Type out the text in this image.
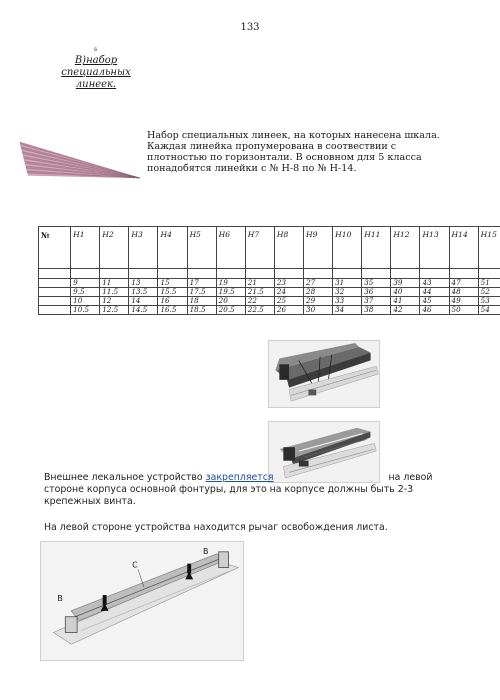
133
s
В)набор специальных линеек.

Набор специальных линеек, на которых нанесена шкала. Каждая линейка пропумерована в соотвествии с плотностью по горизонтали. В основном для 5 класса понадобятся линейки с № Н-8 по № Н-14.

№	Н1	Н2	Н3	Н4	Н5	Н6	Н7	Н8	Н9	Н10	Н11	Н12	Н13	Н14	Н15

	9	11	13	15	17	19	21	23	27	31	35	39	43	47	51
	9.5	11.5	13.5	15.5	17.5	19.5	21.5	24	28	32	36	40	44	48	52
	10	12	14	16	18	20	22	25	29	33	37	41	45	49	53
	10.5	12.5	14.5	16.5	18.5	20.5	22.5	26	30	34	38	42	46	50	54

Внешнее лекальное устройство закрепляется	на левой стороне корпуса основной фонтуры, для это на корпусе должны быть 2-3 крепежных винта.

На левой стороне устройства находится рычаг освобождения листа.

В
В
С
